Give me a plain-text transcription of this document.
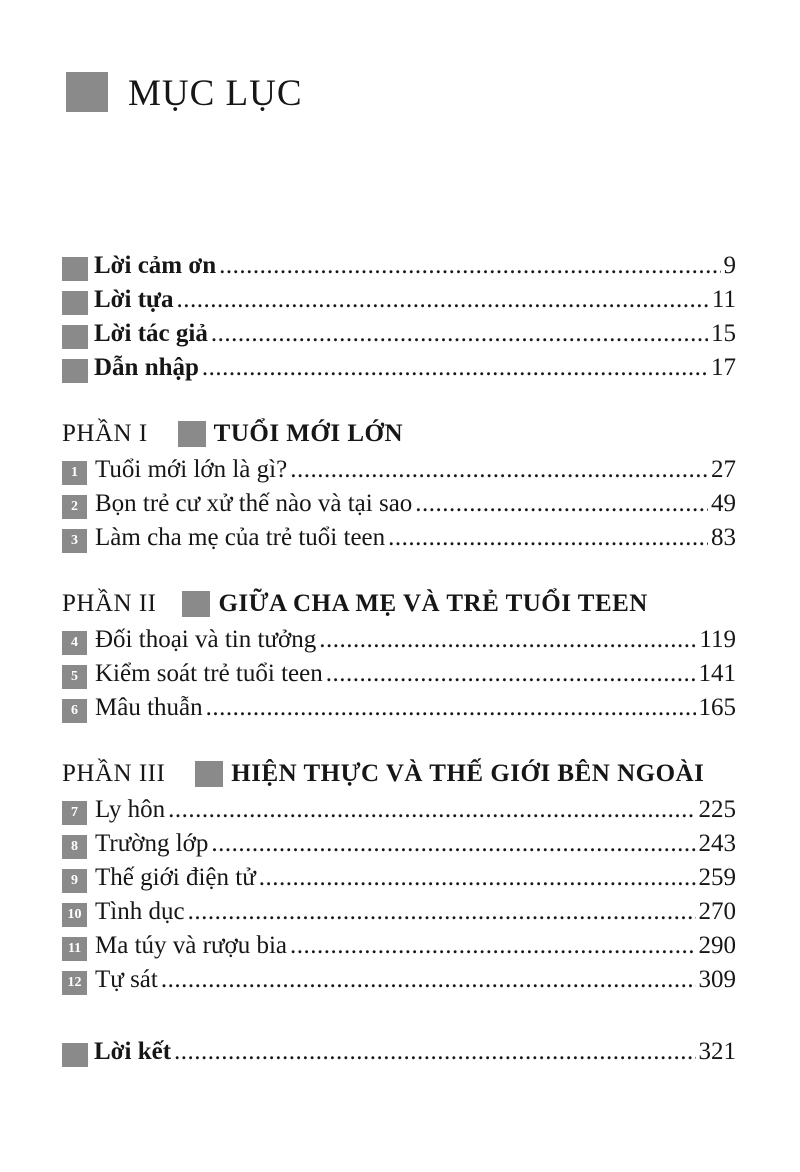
MỤC LỤC
Lời cảm ơn .....	9
Lời tựa .....	11
Lời tác giả .....	15
Dẫn nhập .....	17
PHẦN I	TUỔI MỚI LỚN
1 Tuổi mới lớn là gì? .....	27
2 Bọn trẻ cư xử thế nào và tại sao .....	49
3 Làm cha mẹ của trẻ tuổi teen .....	83
PHẦN II GIỮA CHA MẸ VÀ TRẺ TUỔI TEEN
4 Đối thoại và tin tưởng .....	119
5 Kiểm soát trẻ tuổi teen .....	141
6 Mâu thuẫn .....	165
PHẦN III	HIỆN THỰC VÀ THẾ GIỚI BÊN NGOÀI
7 Ly hôn .....	225
8 Trường lớp .....	243
9 Thế giới điện tử .....	259
10 Tình dục .....	270
11 Ma túy và rượu bia .....	290
12 Tự sát .....	309
Lời kết .....	321
